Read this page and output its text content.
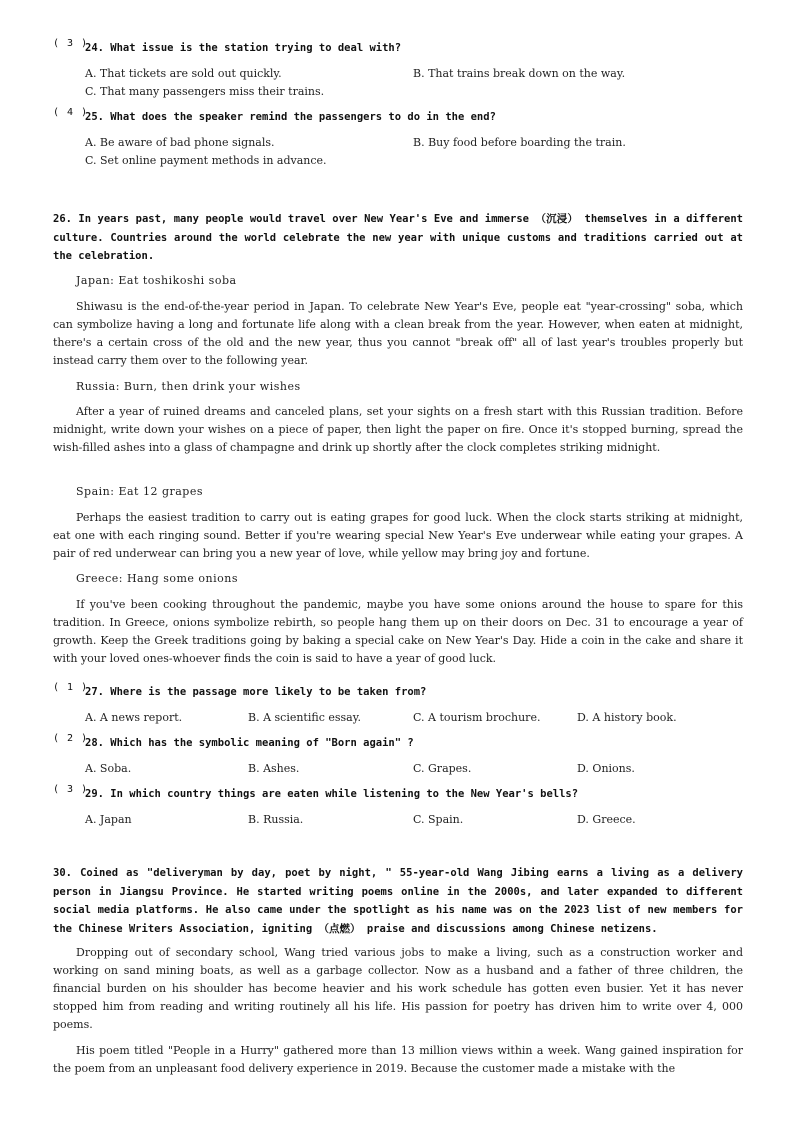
( 3 )
24. What issue is the station trying to deal with?
A. That tickets are sold out quickly.	B. That trains break down on the way.
C. That many passengers miss their trains.
( 4 )
25. What does the speaker remind the passengers to do in the end?
A. Be aware of bad phone signals.	B. Buy food before boarding the train.
C. Set online payment methods in advance.
26. In years past, many people would travel over New Year's Eve and immerse （沉浸） themselves in a different culture. Countries around the world celebrate the new year with unique customs and traditions carried out at the celebration.
Japan: Eat toshikoshi soba
Shiwasu is the end-of-the-year period in Japan. To celebrate New Year's Eve, people eat "year-crossing" soba, which can symbolize having a long and fortunate life along with a clean break from the year. However, when eaten at midnight, there's a certain cross of the old and the new year, thus you cannot "break off" all of last year's troubles properly but instead carry them over to the following year.
Russia: Burn, then drink your wishes
After a year of ruined dreams and canceled plans, set your sights on a fresh start with this Russian tradition. Before midnight, write down your wishes on a piece of paper, then light the paper on fire. Once it's stopped burning, spread the wish-filled ashes into a glass of champagne and drink up shortly after the clock completes striking midnight.
Spain: Eat 12 grapes
Perhaps the easiest tradition to carry out is eating grapes for good luck. When the clock starts striking at midnight, eat one with each ringing sound. Better if you're wearing special New Year's Eve underwear while eating your grapes. A pair of red underwear can bring you a new year of love, while yellow may bring joy and fortune.
Greece: Hang some onions
If you've been cooking throughout the pandemic, maybe you have some onions around the house to spare for this tradition. In Greece, onions symbolize rebirth, so people hang them up on their doors on Dec. 31 to encourage a year of growth. Keep the Greek traditions going by baking a special cake on New Year's Day. Hide a coin in the cake and share it with your loved ones-whoever finds the coin is said to have a year of good luck.
( 1 )
27. Where is the passage more likely to be taken from?
A. A news report.	B. A scientific essay.	C. A tourism brochure.	D. A history book.
( 2 )
28. Which has the symbolic meaning of "Born again" ?
A. Soba.	B. Ashes.	C. Grapes.	D. Onions.
( 3 )
29. In which country things are eaten while listening to the New Year's bells?
A. Japan	B. Russia.	C. Spain.	D. Greece.
30. Coined as "deliveryman by day, poet by night, " 55-year-old Wang Jibing earns a living as a delivery person in Jiangsu Province. He started writing poems online in the 2000s, and later expanded to different social media platforms. He also came under the spotlight as his name was on the 2023 list of new members for the Chinese Writers Association, igniting （点燃） praise and discussions among Chinese netizens.
Dropping out of secondary school, Wang tried various jobs to make a living, such as a construction worker and working on sand mining boats, as well as a garbage collector. Now as a husband and a father of three children, the financial burden on his shoulder has become heavier and his work schedule has gotten even busier. Yet it has never stopped him from reading and writing routinely all his life. His passion for poetry has driven him to write over 4, 000 poems.
His poem titled "People in a Hurry" gathered more than 13 million views within a week. Wang gained inspiration for the poem from an unpleasant food delivery experience in 2019. Because the customer made a mistake with the
